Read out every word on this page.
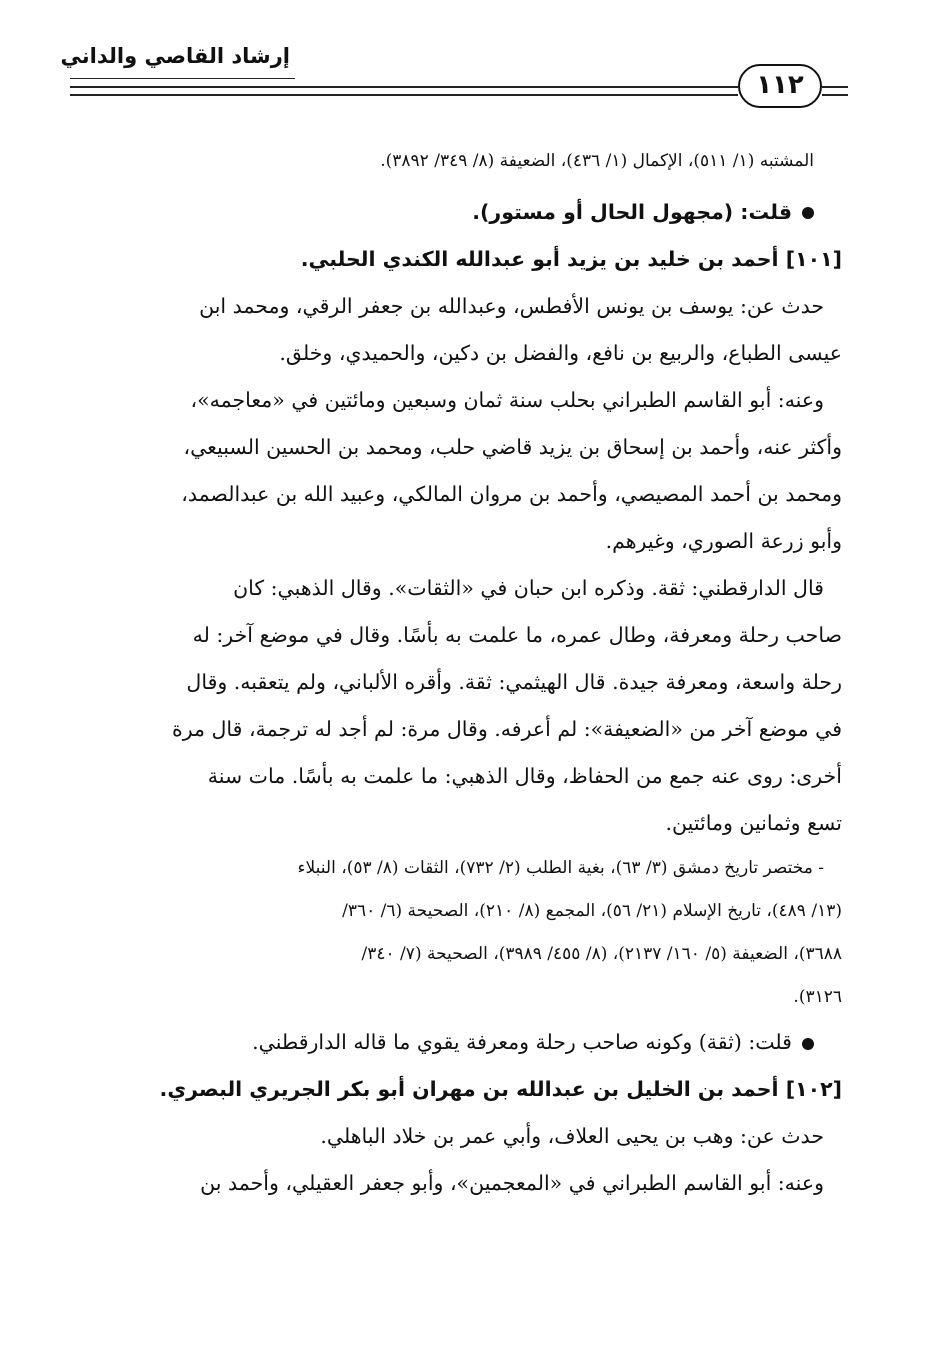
إرشاد القاصي والداني
١١٢
المشتبه (١/ ٥١١)، الإكمال (١/ ٤٣٦)، الضعيفة (٨/ ٣٤٩/ ٣٨٩٢).
قلت: (مجهول الحال أو مستور).
[١٠١] أحمد بن خليد بن يزيد أبو عبدالله الكندي الحلبي.
حدث عن: يوسف بن يونس الأفطس، وعبدالله بن جعفر الرقي، ومحمد ابن
عيسى الطباع، والربيع بن نافع، والفضل بن دكين، والحميدي، وخلق.
وعنه: أبو القاسم الطبراني بحلب سنة ثمان وسبعين ومائتين في «معاجمه»،
وأكثر عنه، وأحمد بن إسحاق بن يزيد قاضي حلب، ومحمد بن الحسين السبيعي،
ومحمد بن أحمد المصيصي، وأحمد بن مروان المالكي، وعبيد الله بن عبدالصمد،
وأبو زرعة الصوري، وغيرهم.
قال الدارقطني: ثقة. وذكره ابن حبان في «الثقات». وقال الذهبي: كان
صاحب رحلة ومعرفة، وطال عمره، ما علمت به بأسًا. وقال في موضع آخر: له
رحلة واسعة، ومعرفة جيدة. قال الهيثمي: ثقة. وأقره الألباني، ولم يتعقبه. وقال
في موضع آخر من «الضعيفة»: لم أعرفه. وقال مرة: لم أجد له ترجمة، قال مرة
أخرى: روى عنه جمع من الحفاظ، وقال الذهبي: ما علمت به بأسًا. مات سنة
تسع وثمانين ومائتين.
- مختصر تاريخ دمشق (٣/ ٦٣)، بغية الطلب (٢/ ٧٣٢)، الثقات (٨/ ٥٣)، النبلاء
(١٣/ ٤٨٩)، تاريخ الإسلام (٢١/ ٥٦)، المجمع (٨/ ٢١٠)، الصحيحة (٦/ ٣٦٠/
٣٦٨٨)، الضعيفة (٥/ ١٦٠/ ٢١٣٧)، (٨/ ٤٥٥/ ٣٩٨٩)، الصحيحة (٧/ ٣٤٠/
٣١٢٦).
قلت: (ثقة) وكونه صاحب رحلة ومعرفة يقوي ما قاله الدارقطني.
[١٠٢] أحمد بن الخليل بن عبدالله بن مهران أبو بكر الجريري البصري.
حدث عن: وهب بن يحيى العلاف، وأبي عمر بن خلاد الباهلي.
وعنه: أبو القاسم الطبراني في «المعجمين»، وأبو جعفر العقيلي، وأحمد بن
